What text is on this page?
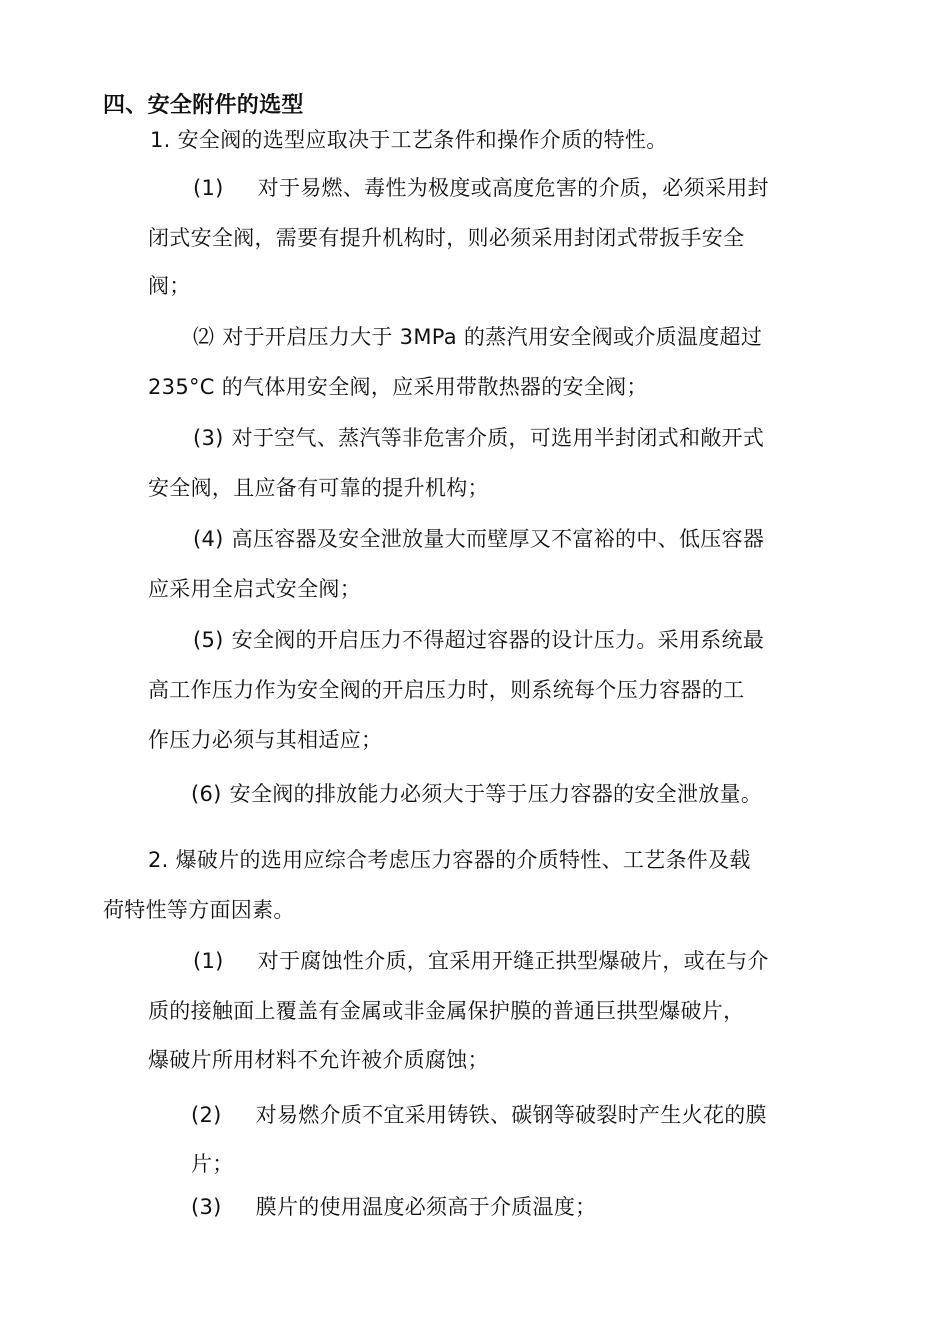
四、安全附件的选型
1. 安全阀的选型应取决于工艺条件和操作介质的特性。
(1) 对于易燃、毒性为极度或高度危害的介质，必须采用封
闭式安全阀，需要有提升机构时，则必须采用封闭式带扳手安全
阀；
⑵ 对于开启压力大于 3MPa 的蒸汽用安全阀或介质温度超过
235°C 的气体用安全阀，应采用带散热器的安全阀；
(3) 对于空气、蒸汽等非危害介质，可选用半封闭式和敞开式
安全阀，且应备有可靠的提升机构；
(4) 高压容器及安全泄放量大而壁厚又不富裕的中、低压容器
应采用全启式安全阀；
(5) 安全阀的开启压力不得超过容器的设计压力。采用系统最
高工作压力作为安全阀的开启压力时，则系统每个压力容器的工
作压力必须与其相适应；
(6) 安全阀的排放能力必须大于等于压力容器的安全泄放量。
2. 爆破片的选用应综合考虑压力容器的介质特性、工艺条件及载
荷特性等方面因素。
(1) 对于腐蚀性介质，宜采用开缝正拱型爆破片，或在与介
质的接触面上覆盖有金属或非金属保护膜的普通巨拱型爆破片，
爆破片所用材料不允许被介质腐蚀；
(2) 对易燃介质不宜采用铸铁、碳钢等破裂时产生火花的膜
片；
(3) 膜片的使用温度必须高于介质温度；
